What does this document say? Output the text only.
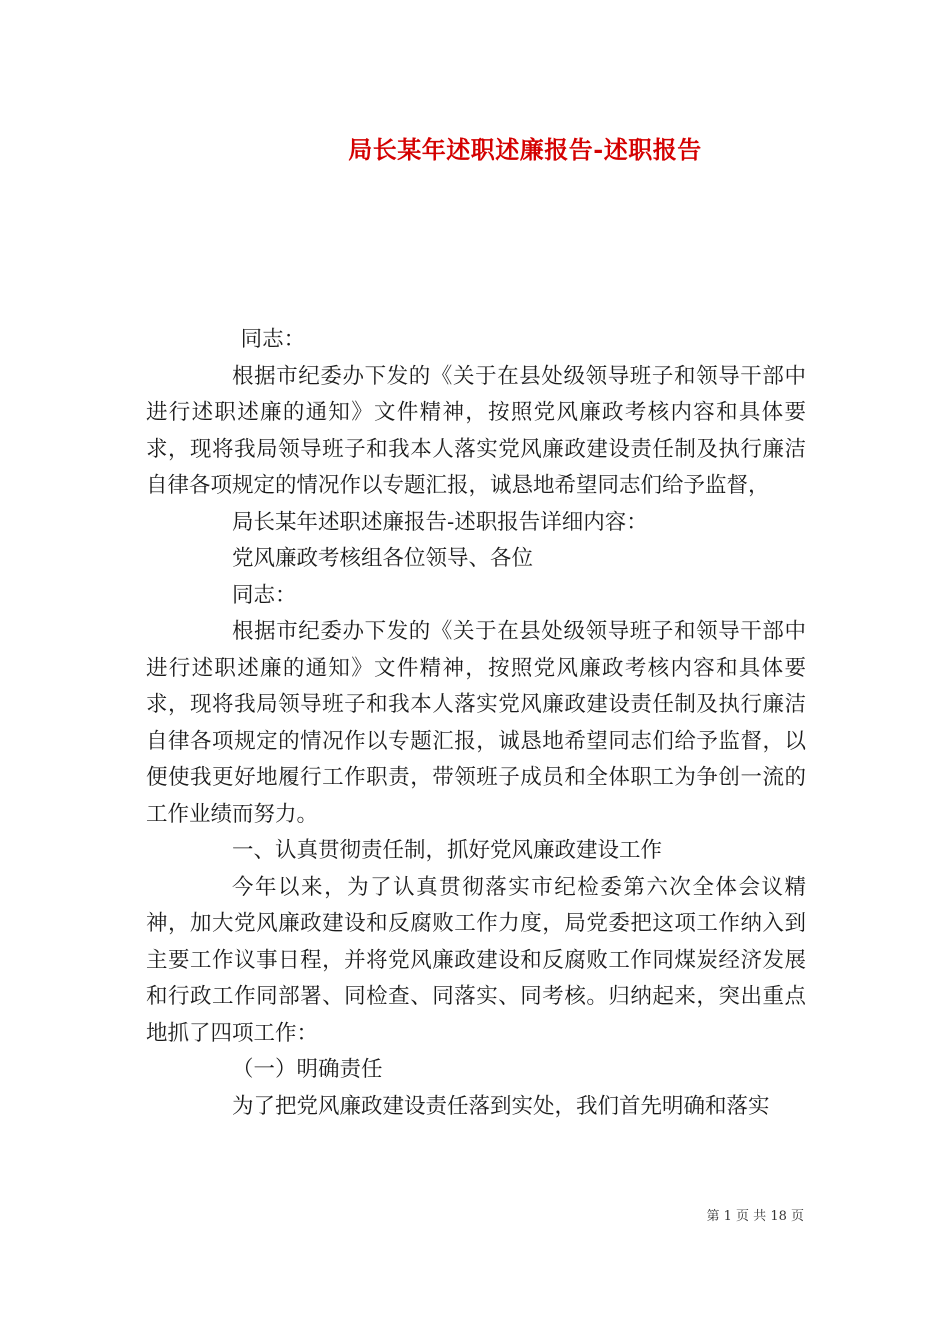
局长某年述职述廉报告-述职报告

同志：

根据市纪委办下发的《关于在县处级领导班子和领导干部中进行述职述廉的通知》文件精神，按照党风廉政考核内容和具体要求，现将我局领导班子和我本人落实党风廉政建设责任制及执行廉洁自律各项规定的情况作以专题汇报，诚恳地希望同志们给予监督，

局长某年述职述廉报告-述职报告详细内容：

党风廉政考核组各位领导、各位

同志：

根据市纪委办下发的《关于在县处级领导班子和领导干部中进行述职述廉的通知》文件精神，按照党风廉政考核内容和具体要求，现将我局领导班子和我本人落实党风廉政建设责任制及执行廉洁自律各项规定的情况作以专题汇报，诚恳地希望同志们给予监督，以便使我更好地履行工作职责，带领班子成员和全体职工为争创一流的工作业绩而努力。

一、认真贯彻责任制，抓好党风廉政建设工作

今年以来，为了认真贯彻落实市纪检委第六次全体会议精神，加大党风廉政建设和反腐败工作力度，局党委把这项工作纳入到主要工作议事日程，并将党风廉政建设和反腐败工作同煤炭经济发展和行政工作同部署、同检查、同落实、同考核。归纳起来，突出重点地抓了四项工作：

（一）明确责任

为了把党风廉政建设责任落到实处，我们首先明确和落实

第 1 页 共 18 页
